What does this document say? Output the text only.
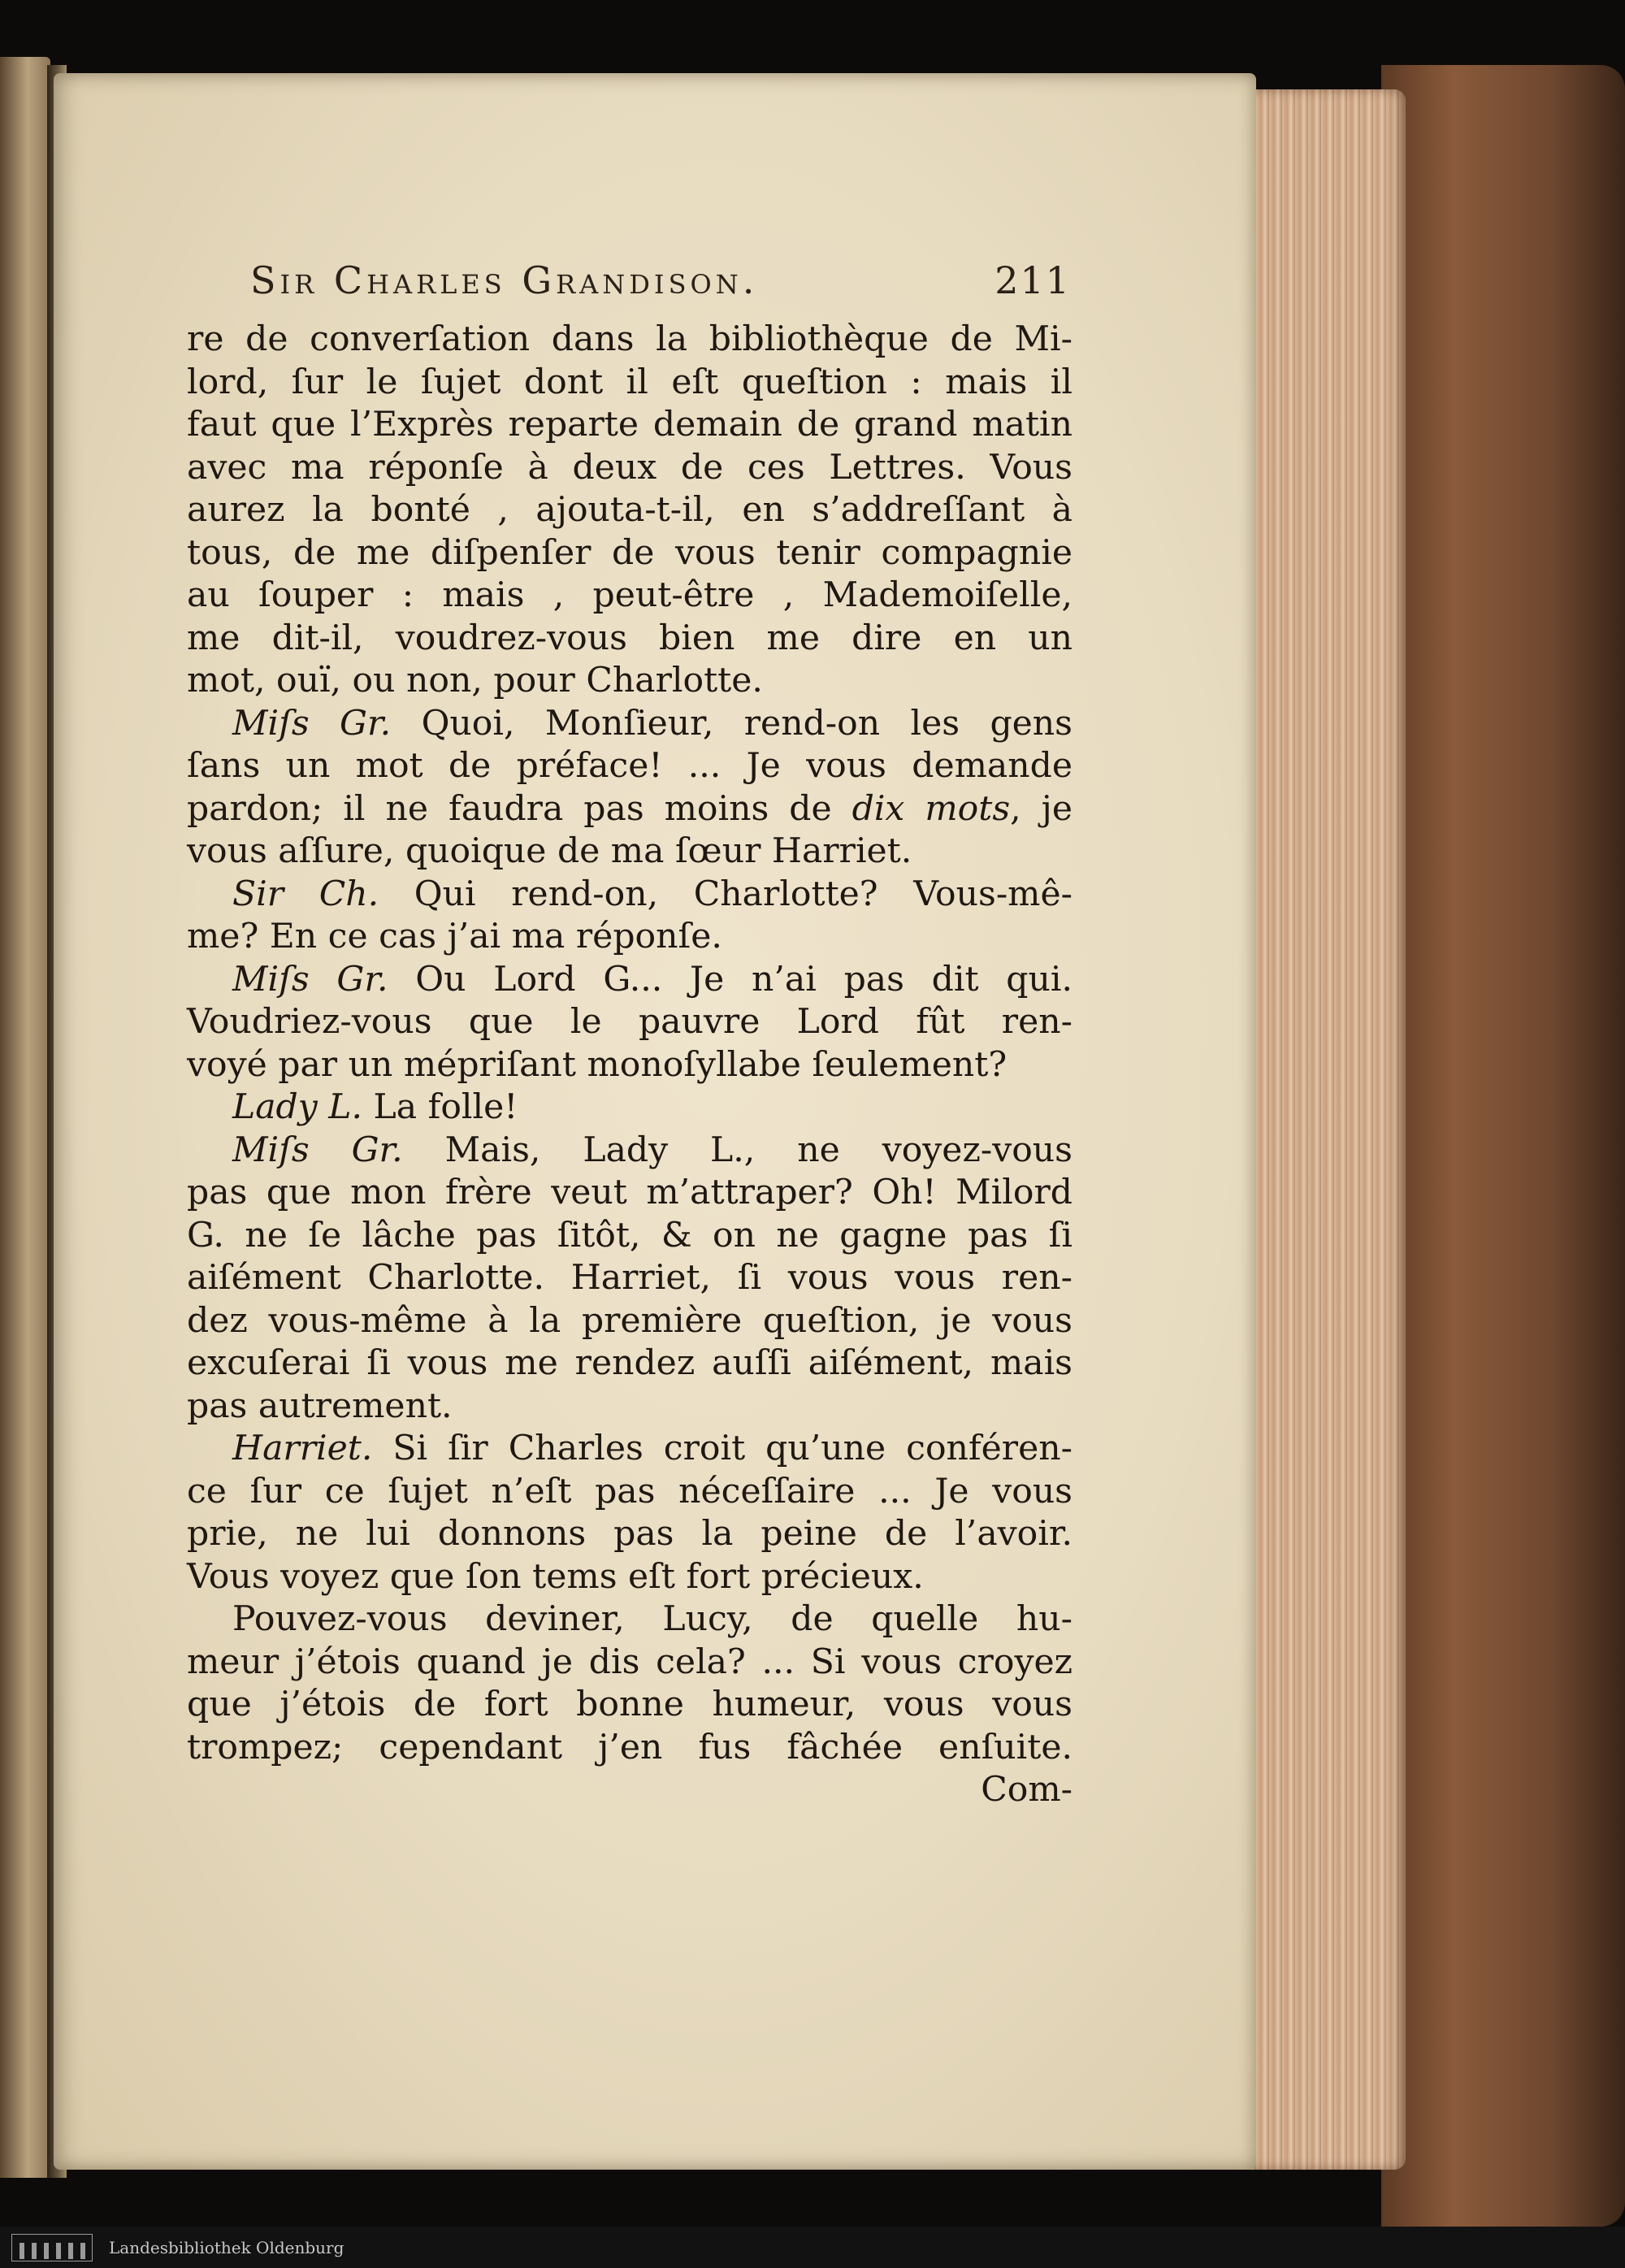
Sir Charles Grandison.	211
re de converſation dans la bibliothèque de Mi-
lord, ſur le ſujet dont il eſt queſtion : mais il
faut que l’Exprès reparte demain de grand matin
avec ma réponſe à deux de ces Lettres. Vous
aurez la bonté , ajouta-t-il, en s’addreſſant à
tous, de me diſpenſer de vous tenir compagnie
au ſouper : mais , peut-être , Mademoiſelle,
me dit-il, voudrez-vous bien me dire en un
mot, ouï, ou non, pour Charlotte.
Miſs Gr. Quoi, Monſieur, rend-on les gens
ſans un mot de préface! ... Je vous demande
pardon; il ne faudra pas moins de dix mots, je
vous aſſure, quoique de ma ſœur Harriet.
Sir Ch. Qui rend-on, Charlotte? Vous-mê-
me? En ce cas j’ai ma réponſe.
Miſs Gr. Ou Lord G... Je n’ai pas dit qui.
Voudriez-vous que le pauvre Lord fût ren-
voyé par un mépriſant monoſyllabe ſeulement?
Lady L. La folle!
Miſs Gr. Mais, Lady L., ne voyez-vous
pas que mon frère veut m’attraper? Oh! Milord
G. ne ſe lâche pas ſitôt, & on ne gagne pas ſi
aiſément Charlotte. Harriet, ſi vous vous ren-
dez vous-même à la première queſtion, je vous
excuſerai ſi vous me rendez auſſi aiſément, mais
pas autrement.
Harriet. Si ſir Charles croit qu’une conféren-
ce ſur ce ſujet n’eſt pas néceſſaire ... Je vous
prie, ne lui donnons pas la peine de l’avoir.
Vous voyez que ſon tems eſt fort précieux.
Pouvez-vous deviner, Lucy, de quelle hu-
meur j’étois quand je dis cela? ... Si vous croyez
que j’étois de fort bonne humeur, vous vous
trompez; cependant j’en fus fâchée enſuite.
Com-
Landesbibliothek Oldenburg
